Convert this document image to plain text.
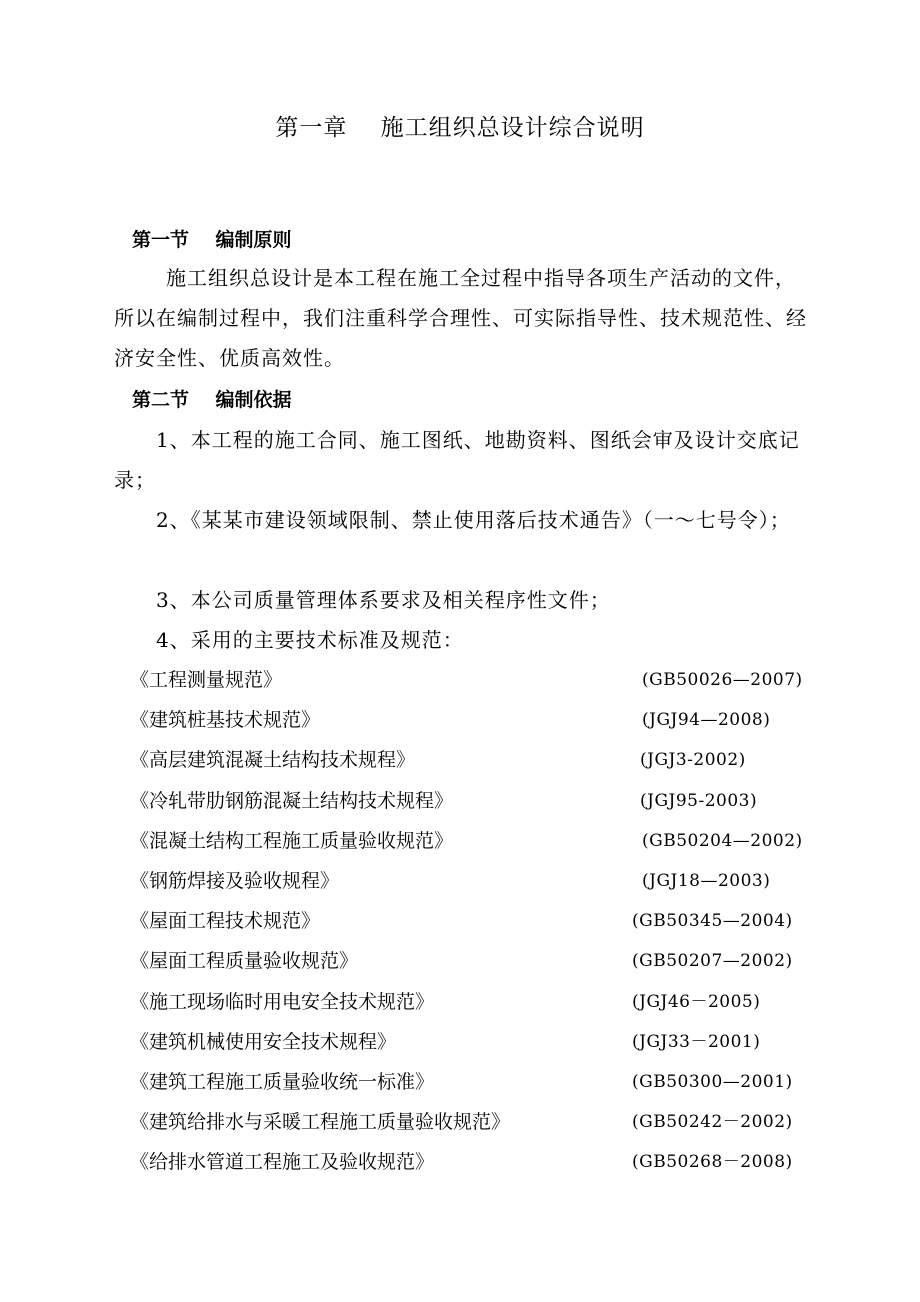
第一章    施工组织总设计综合说明
第一节    编制原则
施工组织总设计是本工程在施工全过程中指导各项生产活动的文件，所以在编制过程中，我们注重科学合理性、可实际指导性、技术规范性、经济安全性、优质高效性。
第二节    编制依据
1、本工程的施工合同、施工图纸、地勘资料、图纸会审及设计交底记录；
2、《某某市建设领域限制、禁止使用落后技术通告》（一～七号令）；
3、本公司质量管理体系要求及相关程序性文件；
4、采用的主要技术标准及规范：
《工程测量规范》	(GB50026—2007)
《建筑桩基技术规范》	(JGJ94—2008)
《高层建筑混凝土结构技术规程》	(JGJ3-2002)
《冷轧带肋钢筋混凝土结构技术规程》	(JGJ95-2003)
《混凝土结构工程施工质量验收规范》	(GB50204—2002)
《钢筋焊接及验收规程》	(JGJ18—2003)
《屋面工程技术规范》	(GB50345—2004)
《屋面工程质量验收规范》	(GB50207—2002)
《施工现场临时用电安全技术规范》	(JGJ46－2005)
《建筑机械使用安全技术规程》	(JGJ33－2001)
《建筑工程施工质量验收统一标准》	(GB50300—2001)
《建筑给排水与采暖工程施工质量验收规范》	(GB50242－2002)
《给排水管道工程施工及验收规范》	(GB50268－2008)
